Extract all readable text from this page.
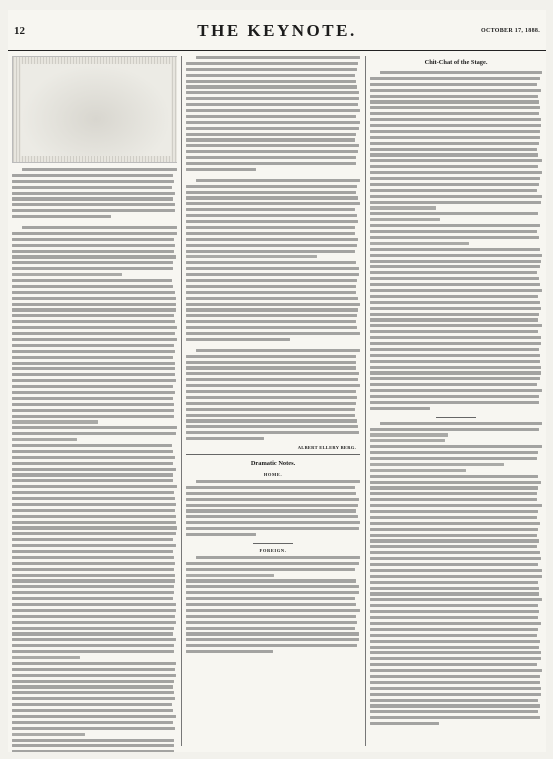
12	THE KEYNOTE.	OCTOBER 17, 1888.
ALBERT ELLERY BERG.
Dramatic Notes.
HOME.
FOREIGN.
Chit-Chat of the Stage.
